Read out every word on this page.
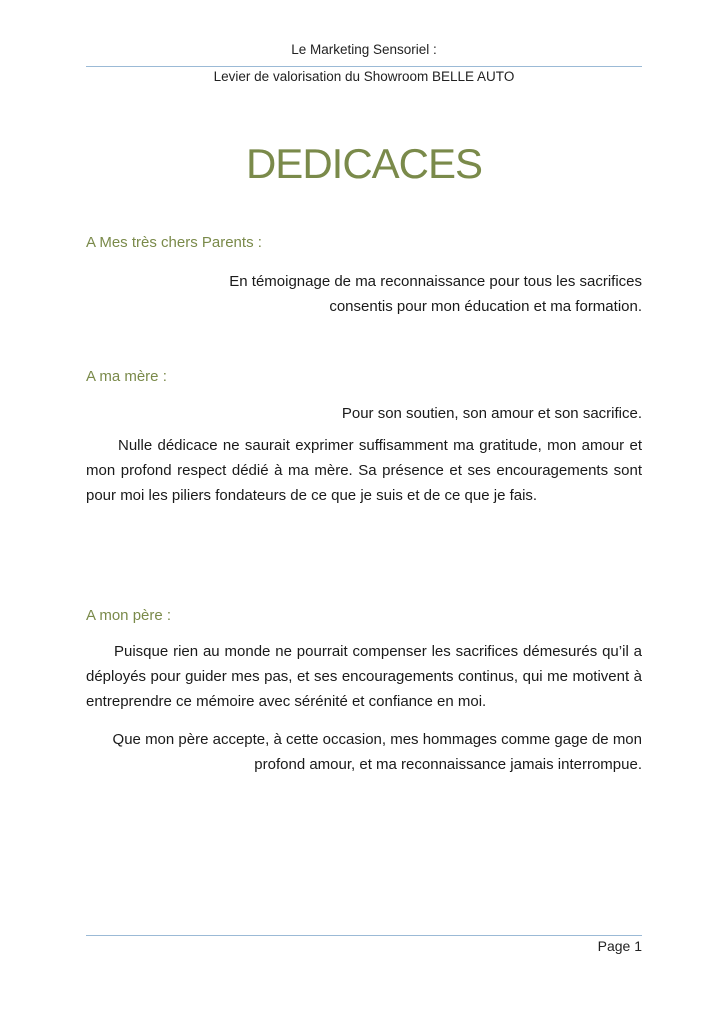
Le Marketing Sensoriel :
Levier de valorisation du Showroom BELLE AUTO
DEDICACES
A Mes très chers Parents :
En témoignage de ma reconnaissance pour tous les sacrifices consentis pour mon éducation et ma formation.
A ma mère :
Pour son soutien, son amour et son sacrifice.
Nulle dédicace ne saurait exprimer suffisamment ma gratitude, mon amour et mon profond respect dédié à ma mère. Sa présence et ses encouragements sont pour moi les piliers fondateurs de ce que je suis et de ce que je fais.
A mon père :
Puisque rien au monde ne pourrait compenser les sacrifices démesurés qu’il a déployés pour guider mes pas, et ses encouragements continus, qui me motivent à entreprendre ce mémoire avec sérénité et confiance en moi.
Que mon père accepte, à cette occasion, mes hommages comme gage de mon profond amour, et ma reconnaissance jamais interrompue.
Page 1
